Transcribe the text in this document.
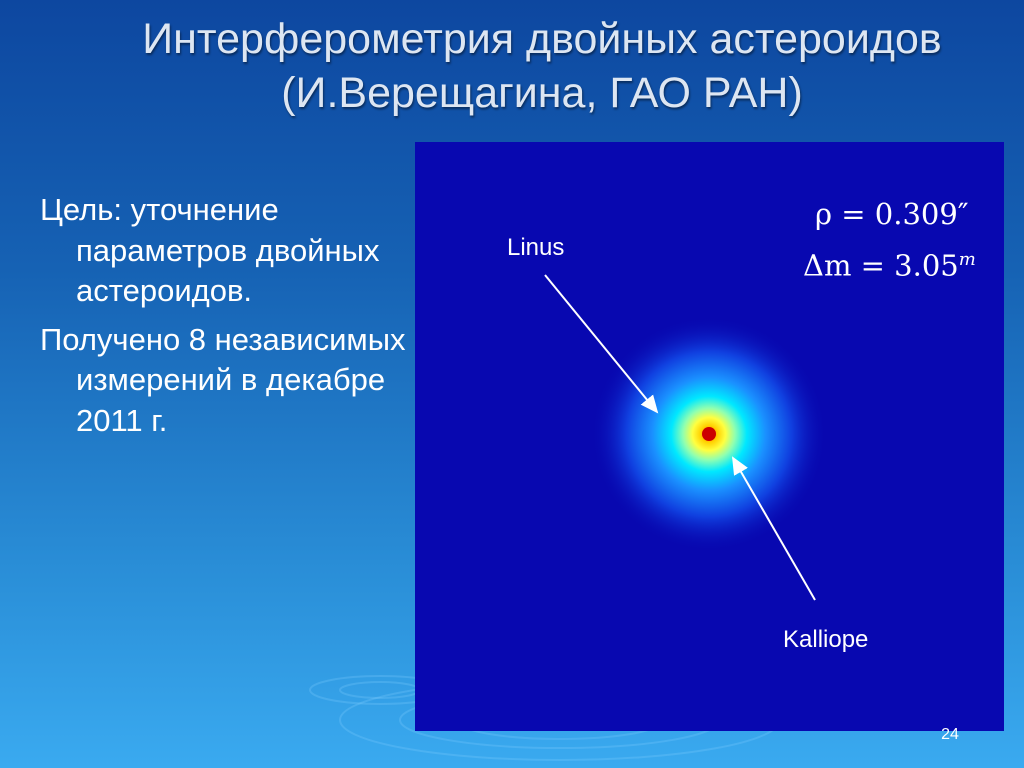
Интерферометрия двойных астероидов
(И.Верещагина, ГАО РАН)
Цель: уточнение параметров двойных астероидов.
Получено 8 независимых измерений в декабре 2011 г.
Linus
Kalliope
ρ = 0.309″
$\Delta m = 3.05^m$
24
